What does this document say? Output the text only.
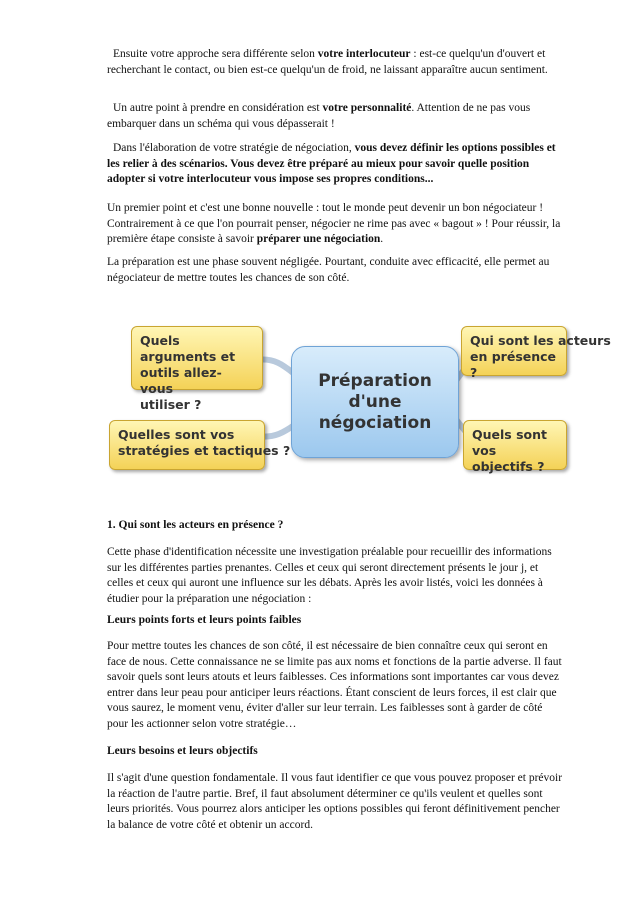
Ensuite votre approche sera différente selon votre interlocuteur : est-ce quelqu'un d'ouvert et recherchant le contact, ou bien est-ce quelqu'un de froid, ne laissant apparaître aucun sentiment.

Un autre point à prendre en considération est votre personnalité. Attention de ne pas vous embarquer dans un schéma qui vous dépasserait !

Dans l'élaboration de votre stratégie de négociation, vous devez définir les options possibles et les relier à des scénarios. Vous devez être préparé au mieux pour savoir quelle position adopter si votre interlocuteur vous impose ses propres conditions...

Un premier point et c'est une bonne nouvelle : tout le monde peut devenir un bon négociateur ! Contrairement à ce que l'on pourrait penser, négocier ne rime pas avec « bagout » ! Pour réussir, la première étape consiste à savoir préparer une négociation.

La préparation est une phase souvent négligée. Pourtant, conduite avec efficacité, elle permet au négociateur de mettre toutes les chances de son côté.

Quels arguments et
outils allez-vous
utiliser ?
Préparation
d'une
négociation
Qui sont les acteurs
en présence ?
Quelles sont vos
stratégies et tactiques ?
Quels sont vos
objectifs ?
1. Qui sont les acteurs en présence ?

Cette phase d'identification nécessite une investigation préalable pour recueillir des informations sur les différentes parties prenantes. Celles et ceux qui seront directement présents le jour j, et celles et ceux qui auront une influence sur les débats. Après les avoir listés, voici les données à étudier pour la préparation une négociation :

Leurs points forts et leurs points faibles

Pour mettre toutes les chances de son côté, il est nécessaire de bien connaître ceux qui seront en face de nous. Cette connaissance ne se limite pas aux noms et fonctions de la partie adverse. Il faut savoir quels sont leurs atouts et leurs faiblesses. Ces informations sont importantes car vous devez entrer dans leur peau pour anticiper leurs réactions. Étant conscient de leurs forces, il est clair que vous saurez, le moment venu, éviter d'aller sur leur terrain. Les faiblesses sont à garder de côté pour les actionner selon votre stratégie…

Leurs besoins et leurs objectifs

Il s'agit d'une question fondamentale. Il vous faut identifier ce que vous pouvez proposer et prévoir la réaction de l'autre partie. Bref, il faut absolument déterminer ce qu'ils veulent et quelles sont leurs priorités. Vous pourrez alors anticiper les options possibles qui feront définitivement pencher la balance de votre côté et obtenir un accord.
